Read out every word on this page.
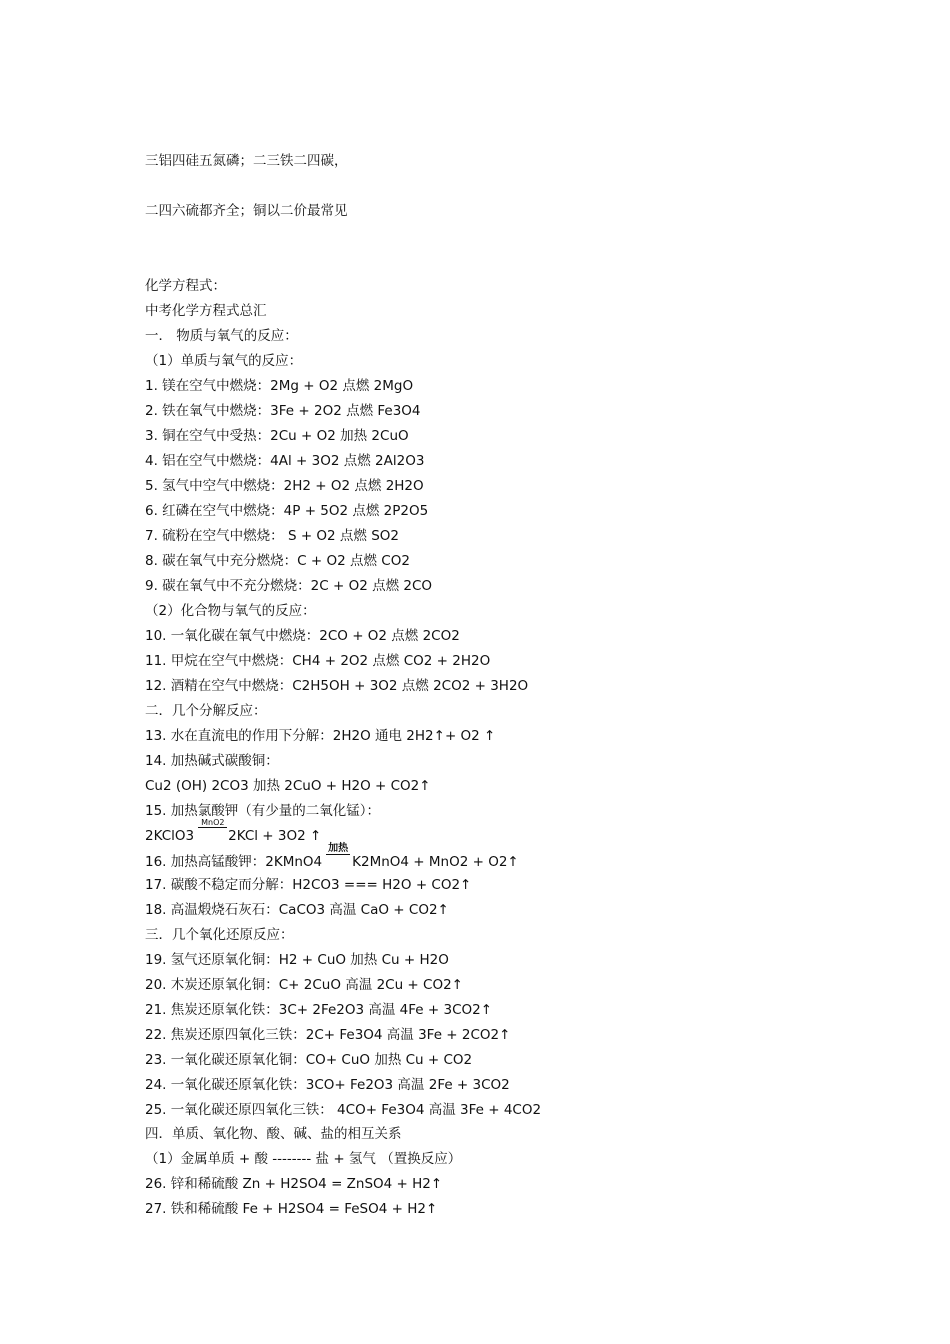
三铝四硅五氮磷；二三铁二四碳，
二四六硫都齐全；铜以二价最常见
化学方程式：
中考化学方程式总汇
一． 物质与氧气的反应：
（1）单质与氧气的反应：
1. 镁在空气中燃烧：2Mg + O2 点燃 2MgO
2. 铁在氧气中燃烧：3Fe + 2O2 点燃 Fe3O4
3. 铜在空气中受热：2Cu + O2 加热 2CuO
4. 铝在空气中燃烧：4Al + 3O2 点燃 2Al2O3
5. 氢气中空气中燃烧：2H2 + O2 点燃 2H2O
6. 红磷在空气中燃烧：4P + 5O2 点燃 2P2O5
7. 硫粉在空气中燃烧： S + O2 点燃 SO2
8. 碳在氧气中充分燃烧：C + O2 点燃 CO2
9. 碳在氧气中不充分燃烧：2C + O2 点燃 2CO
（2）化合物与氧气的反应：
10. 一氧化碳在氧气中燃烧：2CO + O2 点燃 2CO2
11. 甲烷在空气中燃烧：CH4 + 2O2 点燃 CO2 + 2H2O
12. 酒精在空气中燃烧：C2H5OH + 3O2 点燃 2CO2 + 3H2O
二．几个分解反应：
13. 水在直流电的作用下分解：2H2O 通电 2H2↑+ O2 ↑
14. 加热碱式碳酸铜：
Cu2 (OH) 2CO3 加热 2CuO + H2O + CO2↑
15. 加热氯酸钾（有少量的二氧化锰）：
2KClO3
MnO2
2KCl + 3O2 ↑
16. 加热高锰酸钾：2KMnO4
加热
K2MnO4 + MnO2 + O2↑
17. 碳酸不稳定而分解：H2CO3 === H2O + CO2↑
18. 高温煅烧石灰石：CaCO3 高温 CaO + CO2↑
三．几个氧化还原反应：
19. 氢气还原氧化铜：H2 + CuO 加热 Cu + H2O
20. 木炭还原氧化铜：C+ 2CuO 高温 2Cu + CO2↑
21. 焦炭还原氧化铁：3C+ 2Fe2O3 高温 4Fe + 3CO2↑
22. 焦炭还原四氧化三铁：2C+ Fe3O4 高温 3Fe + 2CO2↑
23. 一氧化碳还原氧化铜：CO+ CuO 加热 Cu + CO2
24. 一氧化碳还原氧化铁：3CO+ Fe2O3 高温 2Fe + 3CO2
25. 一氧化碳还原四氧化三铁： 4CO+ Fe3O4 高温 3Fe + 4CO2
四．单质、氧化物、酸、碱、盐的相互关系
（1）金属单质 + 酸 -------- 盐 + 氢气 （置换反应）
26. 锌和稀硫酸 Zn + H2SO4 = ZnSO4 + H2↑
27. 铁和稀硫酸 Fe + H2SO4 = FeSO4 + H2↑
